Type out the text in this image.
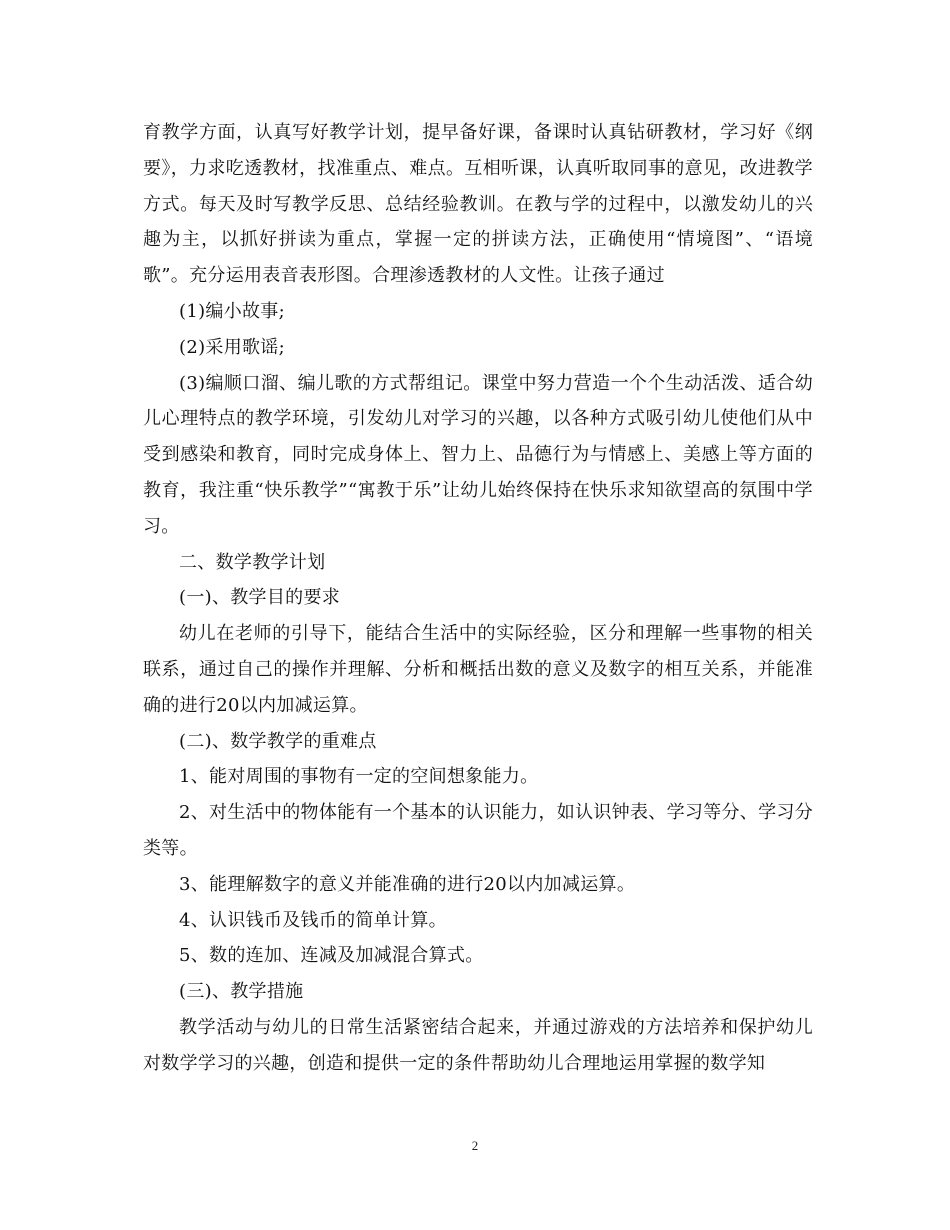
育教学方面，认真写好教学计划，提早备好课，备课时认真钻研教材，学习好《纲要》，力求吃透教材，找准重点、难点。互相听课，认真听取同事的意见，改进教学方式。每天及时写教学反思、总结经验教训。在教与学的过程中，以激发幼儿的兴趣为主，以抓好拼读为重点，掌握一定的拼读方法，正确使用“情境图”、“语境歌”。充分运用表音表形图。合理渗透教材的人文性。让孩子通过

(1)编小故事;

(2)采用歌谣;

(3)编顺口溜、编儿歌的方式帮组记。课堂中努力营造一个个生动活泼、适合幼儿心理特点的教学环境，引发幼儿对学习的兴趣，以各种方式吸引幼儿使他们从中受到感染和教育，同时完成身体上、智力上、品德行为与情感上、美感上等方面的教育，我注重“快乐教学”“寓教于乐”让幼儿始终保持在快乐求知欲望高的氛围中学习。

二、数学教学计划

(一)、教学目的要求

幼儿在老师的引导下，能结合生活中的实际经验，区分和理解一些事物的相关联系，通过自己的操作并理解、分析和概括出数的意义及数字的相互关系，并能准确的进行20以内加减运算。

(二)、数学教学的重难点

1、能对周围的事物有一定的空间想象能力。

2、对生活中的物体能有一个基本的认识能力，如认识钟表、学习等分、学习分类等。

3、能理解数字的意义并能准确的进行20以内加减运算。

4、认识钱币及钱币的简单计算。

5、数的连加、连减及加减混合算式。

(三)、教学措施

教学活动与幼儿的日常生活紧密结合起来，并通过游戏的方法培养和保护幼儿对数学学习的兴趣，创造和提供一定的条件帮助幼儿合理地运用掌握的数学知

2
